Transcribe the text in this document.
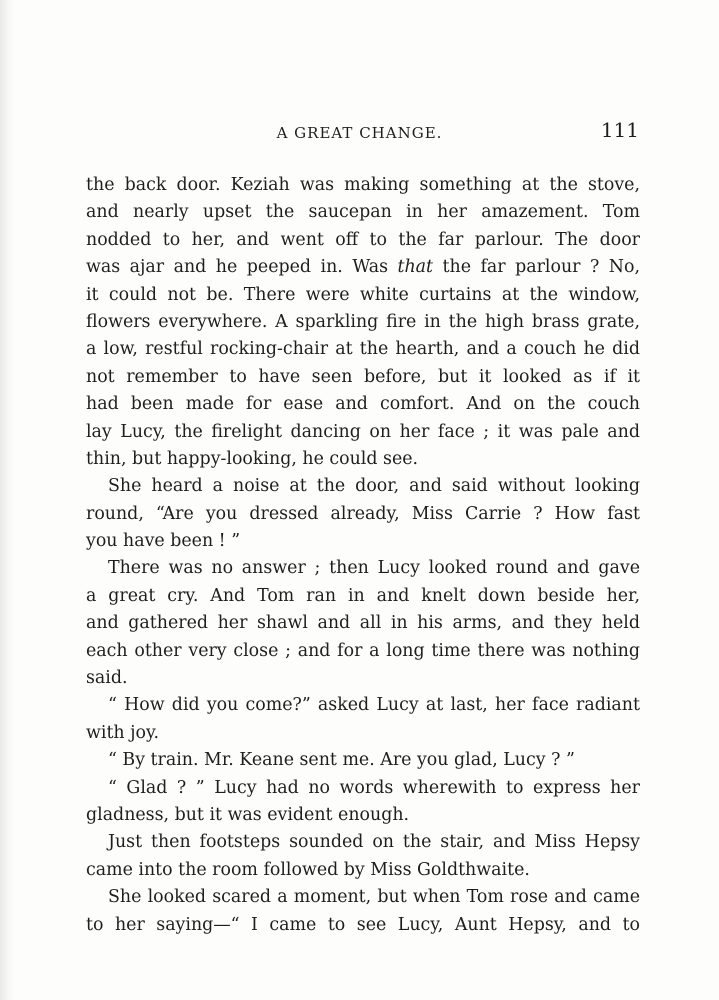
A GREAT CHANGE.	111
the back door. Keziah was making something at the stove,
and nearly upset the saucepan in her amazement. Tom
nodded to her, and went off to the far parlour. The door
was ajar and he peeped in. Was that the far parlour ? No,
it could not be. There were white curtains at the window,
flowers everywhere. A sparkling fire in the high brass grate,
a low, restful rocking-chair at the hearth, and a couch he did
not remember to have seen before, but it looked as if it
had been made for ease and comfort. And on the couch
lay Lucy, the firelight dancing on her face ; it was pale and
thin, but happy-looking, he could see.
She heard a noise at the door, and said without looking
round, “Are you dressed already, Miss Carrie ? How fast
you have been ! ”
There was no answer ; then Lucy looked round and gave
a great cry. And Tom ran in and knelt down beside her,
and gathered her shawl and all in his arms, and they held
each other very close ; and for a long time there was nothing
said.
“ How did you come?” asked Lucy at last, her face radiant
with joy.
“ By train. Mr. Keane sent me. Are you glad, Lucy ? ”
“ Glad ? ” Lucy had no words wherewith to express her
gladness, but it was evident enough.
Just then footsteps sounded on the stair, and Miss Hepsy
came into the room followed by Miss Goldthwaite.
She looked scared a moment, but when Tom rose and came
to her saying—“ I came to see Lucy, Aunt Hepsy, and to
